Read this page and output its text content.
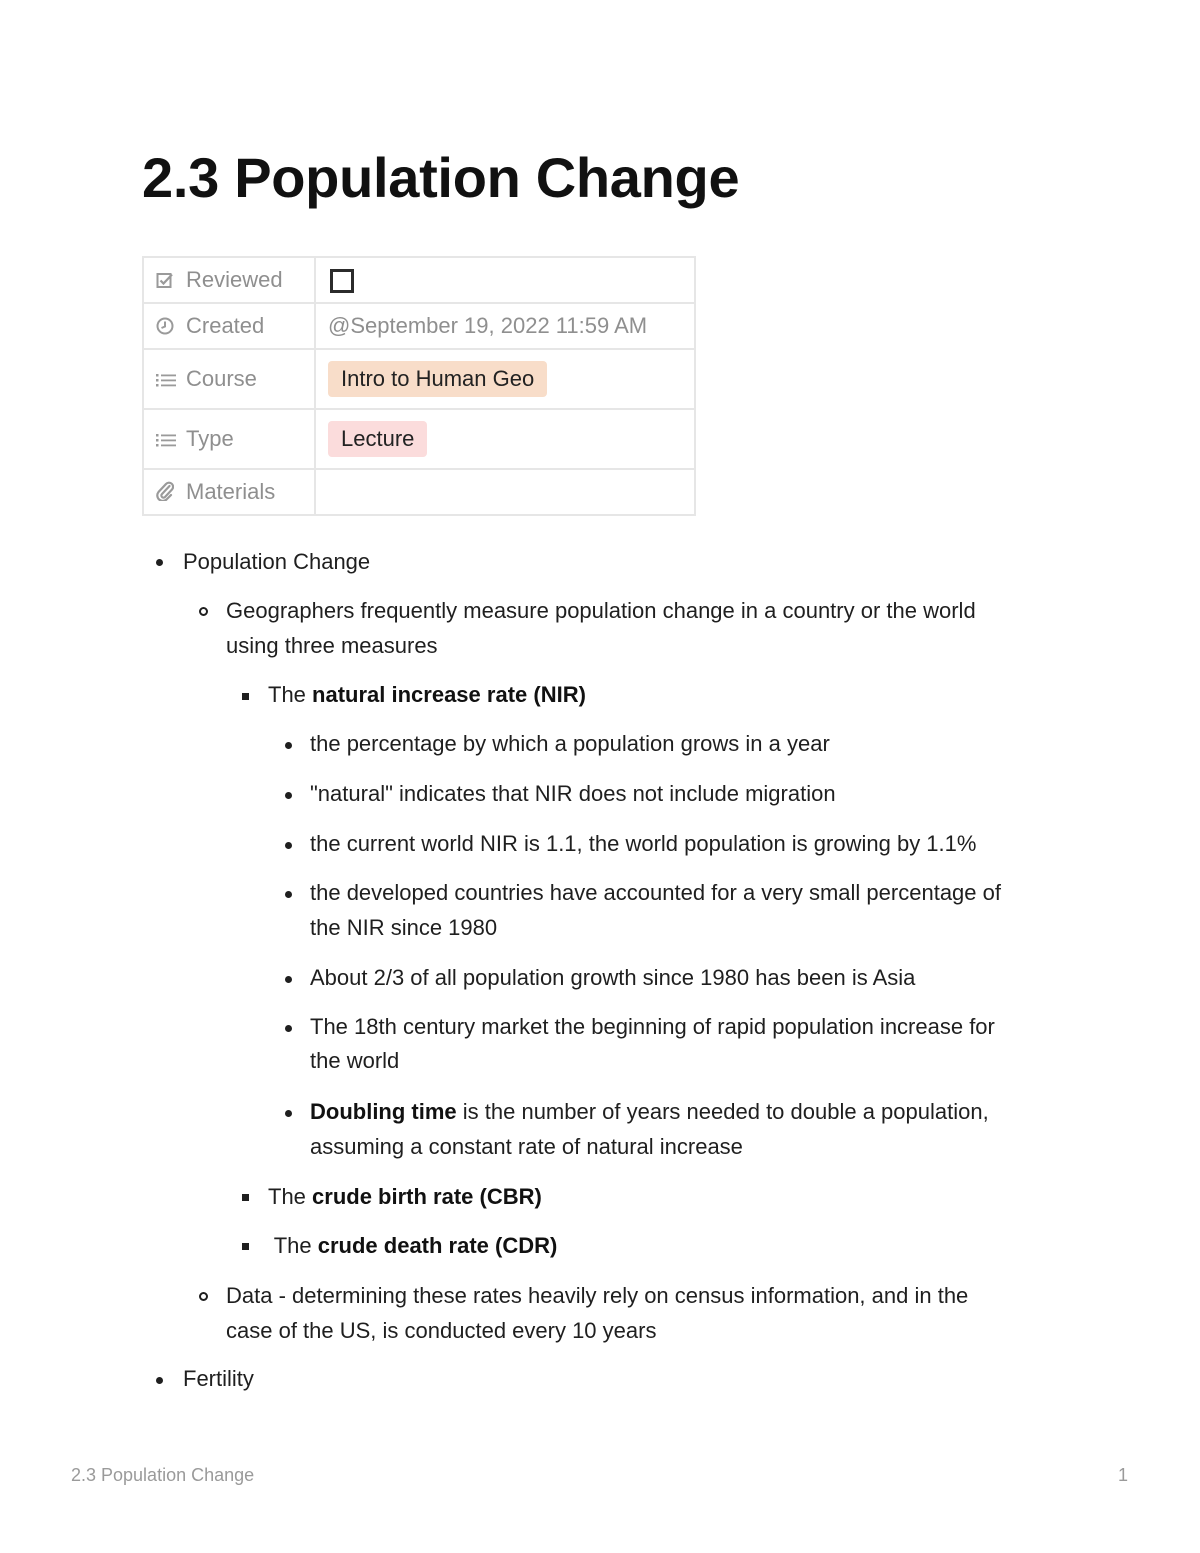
2.3 Population Change
Reviewed	

Created	@September 19, 2022 11:59 AM

Course	Intro to Human Geo

Type	Lecture

Materials	
Population Change
Geographers frequently measure population change in a country or the world
using three measures
The natural increase rate (NIR)
the percentage by which a population grows in a year
"natural" indicates that NIR does not include migration
the current world NIR is 1.1, the world population is growing by 1.1%
the developed countries have accounted for a very small percentage of
the NIR since 1980
About 2/3 of all population growth since 1980 has been is Asia
The 18th century market the beginning of rapid population increase for
the world
Doubling time is the number of years needed to double a population,
assuming a constant rate of natural increase
The crude birth rate (CBR)
The crude death rate (CDR)
Data - determining these rates heavily rely on census information, and in the
case of the US, is conducted every 10 years
Fertility
2.3 Population Change	1
